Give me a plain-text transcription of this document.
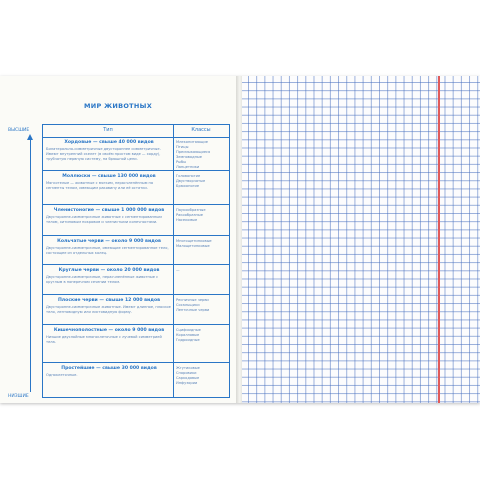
МИР ЖИВОТНЫХ
ВЫСШИЕ
НИЗШИЕ
Тип	Классы
Хордовые — свыше 40 000 видов
Билатерально-симметричные двустороннее симметричные. Имеют внутренний скелет (в своём простом виде — хорду), трубчатую нервную систему, на брюшной цепи.
Млекопитающие
Птицы
Пресмыкающиеся
Земноводные
Рыбы
Ланцетники
Моллюски — свыше 130 000 видов
Мягкотелые — животные с мягким, нерасчленённым на сегменты телом, имеющим раковину или её остатки.
Головоногие
Двустворчатые
Брюхоногие
Членистоногие — свыше 1 000 000 видов
Двусторонне-симметричные животные с сегментированным телом, хитиновым покровом и членистыми конечностями.
Паукообразные
Ракообразные
Насекомые
Кольчатые черви — около 9 000 видов
Двусторонне-симметричные, имеющие сегментированное тело, состоящее из отдельных колец.
Многощетинковые
Малощетинковые
Круглые черви — около 20 000 видов
Двусторонне-симметричные, нерасчленённые животные с круглым в поперечном сечении телом.
—
Плоские черви — свыше 12 000 видов
Двусторонне-симметричные животные. Имеют длинное, плоское тело, лентовидную или листовидную форму.
Ресничные черви
Сосальщики
Ленточные черви
Кишечнополостные — около 9 000 видов
Низшие двуслойные многоклеточные с лучевой симметрией тела.
Сцифоидные
Коралловые
Гидроидные
Простейшие — свыше 30 000 видов
Одноклеточные.
Жгутиковые
Споровики
Саркодовые
Инфузории
